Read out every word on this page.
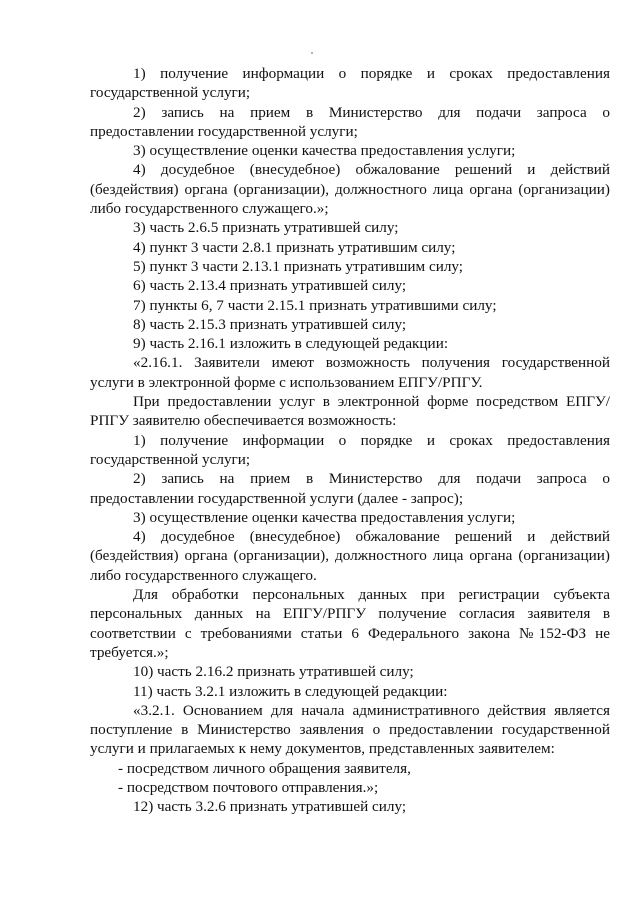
1) получение информации о порядке и сроках предоставления государственной услуги;

2) запись на прием в Министерство для подачи запроса о предоставлении государственной услуги;

3) осуществление оценки качества предоставления услуги;

4) досудебное (внесудебное) обжалование решений и действий (бездействия) органа (организации), должностного лица органа (организации) либо государственного служащего.»;

3) часть 2.6.5 признать утратившей силу;

4) пункт 3 части 2.8.1 признать утратившим силу;

5) пункт 3 части 2.13.1 признать утратившим силу;

6) часть 2.13.4 признать утратившей силу;

7) пункты 6, 7 части 2.15.1 признать утратившими силу;

8) часть 2.15.3 признать утратившей силу;

9) часть 2.16.1 изложить в следующей редакции:

«2.16.1. Заявители имеют возможность получения государственной услуги в электронной форме с использованием ЕПГУ/РПГУ.

При предоставлении услуг в электронной форме посредством ЕПГУ/ РПГУ заявителю обеспечивается возможность:

1) получение информации о порядке и сроках предоставления государственной услуги;

2) запись на прием в Министерство для подачи запроса о предоставлении государственной услуги (далее - запрос);

3) осуществление оценки качества предоставления услуги;

4) досудебное (внесудебное) обжалование решений и действий (бездействия) органа (организации), должностного лица органа (организации) либо государственного служащего.

Для обработки персональных данных при регистрации субъекта персональных данных на ЕПГУ/РПГУ получение согласия заявителя в соответствии с требованиями статьи 6 Федерального закона №152-ФЗ не требуется.»;

10) часть 2.16.2 признать утратившей силу;

11) часть 3.2.1 изложить в следующей редакции:

«3.2.1. Основанием для начала административного действия является поступление в Министерство заявления о предоставлении государственной услуги и прилагаемых к нему документов, представленных заявителем:

- посредством личного обращения заявителя,

- посредством почтового отправления.»;

12) часть 3.2.6 признать утратившей силу;
